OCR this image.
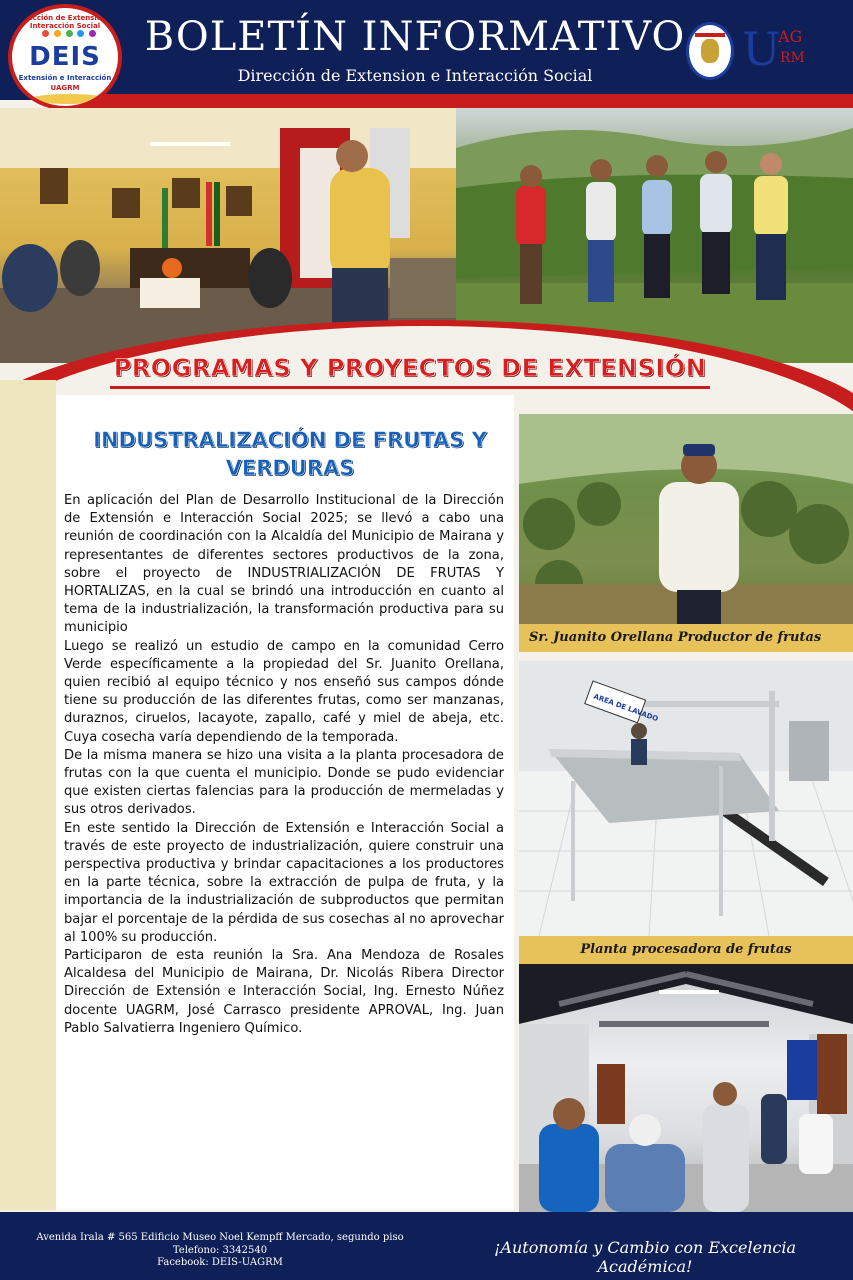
Dirección de Extensión e Interacción Social
DEIS
Extensión e Interacción
UAGRM
BOLETÍN INFORMATIVO
Dirección de Extension e Interacción Social	U
AG
RM
PROGRAMAS Y PROYECTOS DE EXTENSIÓN
INDUSTRALIZACIÓN DE FRUTAS Y VERDURAS

En aplicación del Plan de Desarrollo Institucional de la Dirección de Extensión e Interacción Social 2025; se llevó a cabo una reunión de coordinación con la Alcaldía del Municipio de Mairana y representantes de diferentes sectores productivos de la zona, sobre el proyecto de INDUSTRIALIZACIÓN DE FRUTAS Y HORTALIZAS, en la cual se brindó una introducción en cuanto al tema de la industrialización, la transformación productiva para su municipio

Luego se realizó un estudio de campo en la comunidad Cerro Verde específicamente a la propiedad del Sr. Juanito Orellana, quien recibió al equipo técnico y nos enseñó sus campos dónde tiene su producción de las diferentes frutas, como ser manzanas, duraznos, ciruelos, lacayote, zapallo, café y miel de abeja, etc. Cuya cosecha varía dependiendo de la temporada.

De la misma manera se hizo una visita a la planta procesadora de frutas con la que cuenta el municipio. Donde se pudo evidenciar que existen ciertas falencias para la producción de mermeladas y sus otros derivados.

En este sentido la Dirección de Extensión e Interacción Social a través de este proyecto de industrialización, quiere construir una perspectiva productiva y brindar capacitaciones a los productores en la parte técnica, sobre la extracción de pulpa de fruta, y la importancia de la industrialización de subproductos que permitan bajar el porcentaje de la pérdida de sus cosechas al no aprovechar al 100% su producción.

Participaron de esta reunión la Sra. Ana Mendoza de Rosales Alcaldesa del Municipio de Mairana, Dr. Nicolás Ribera Director Dirección de Extensión e Interacción Social, Ing. Ernesto Núñez docente UAGRM, José Carrasco presidente APROVAL, Ing. Juan Pablo Salvatierra Ingeniero Químico.

Sr. Juanito Orellana Productor de frutas
AREA DE LAVADO
Planta procesadora de frutas
Avenida Irala # 565 Edificio Museo Noel Kempff Mercado, segundo piso
Telefono: 3342540
Facebook: DEIS-UAGRM
¡Autonomía y Cambio con Excelencia Académica!
